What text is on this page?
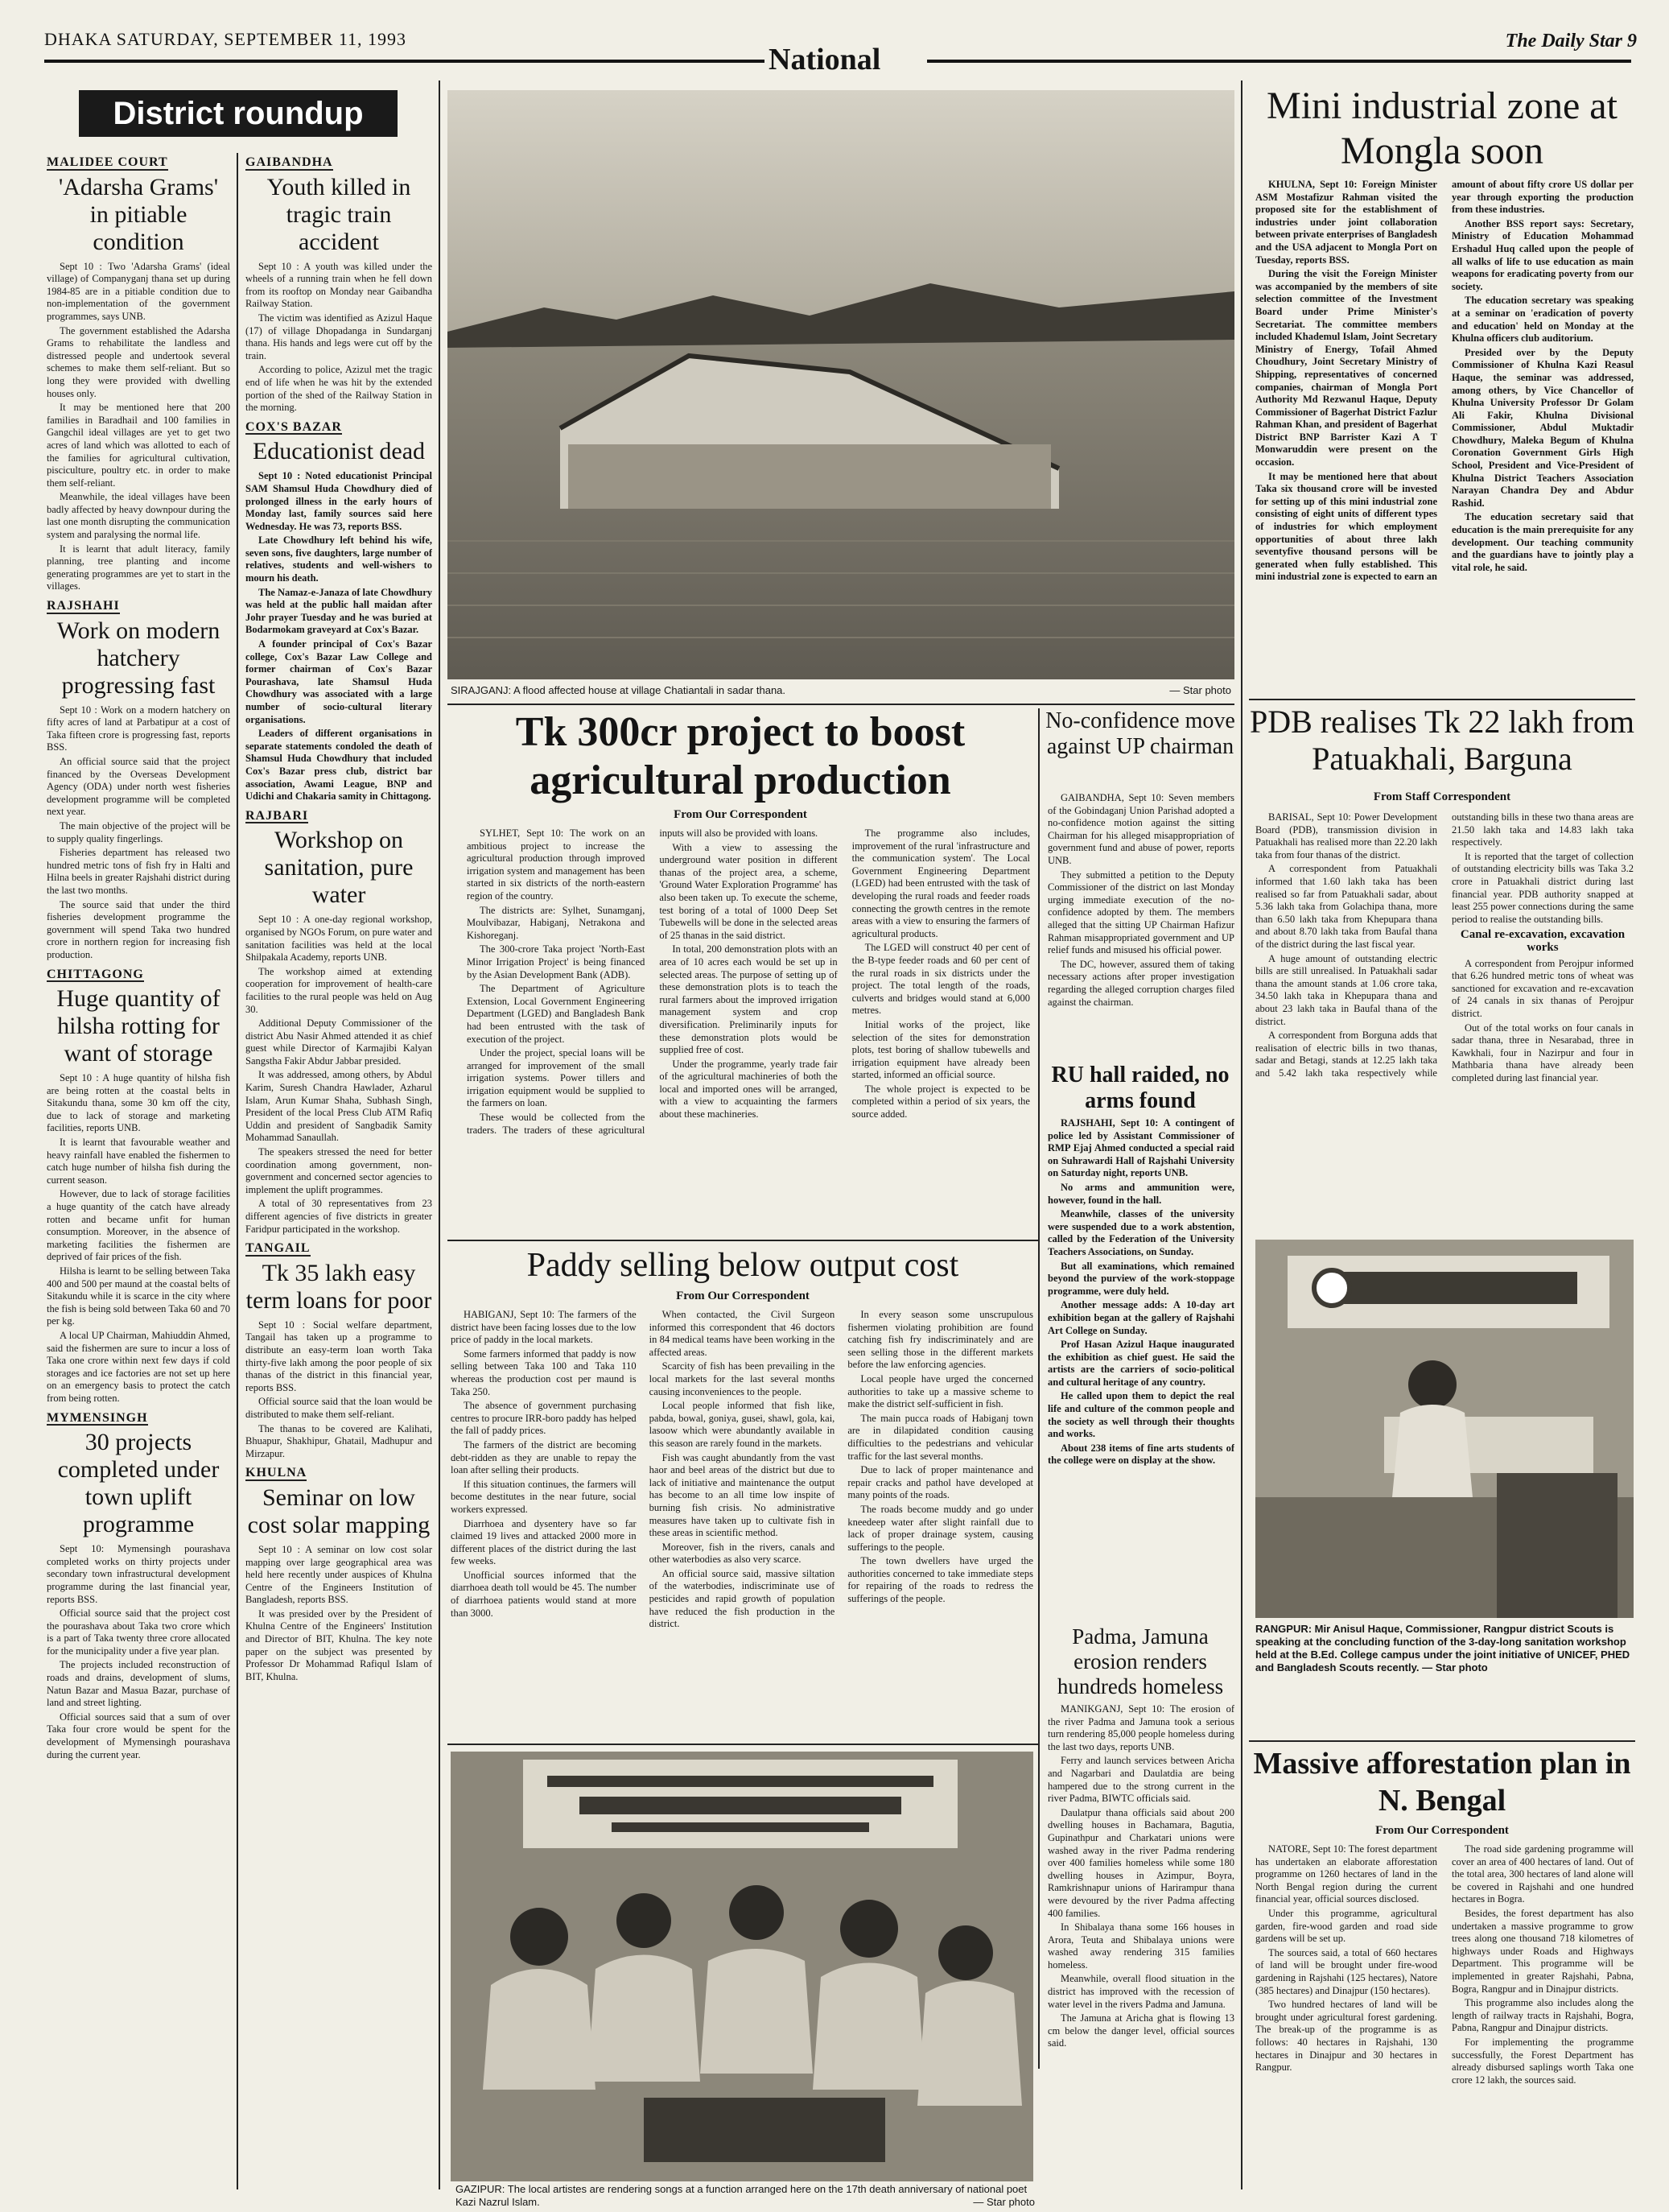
DHAKA SATURDAY, SEPTEMBER 11, 1993
National
The Daily Star 9
District roundup
MALIDEE COURT
'Adarsha Grams' in pitiable condition

Sept 10 : Two 'Adarsha Grams' (ideal village) of Companyganj thana set up during 1984-85 are in a pitiable condition due to non-implementation of the government programmes, says UNB.

The government established the Adarsha Grams to rehabilitate the landless and distressed people and undertook several schemes to make them self-reliant. But so long they were provided with dwelling houses only.

It may be mentioned here that 200 families in Baradhail and 100 families in Gangchil ideal villages are yet to get two acres of land which was allotted to each of the families for agricultural cultivation, pisciculture, poultry etc. in order to make them self-reliant.

Meanwhile, the ideal villages have been badly affected by heavy downpour during the last one month disrupting the communication system and paralysing the normal life.

It is learnt that adult literacy, family planning, tree planting and income generating programmes are yet to start in the villages.

RAJSHAHI
Work on modern hatchery progressing fast

Sept 10 : Work on a modern hatchery on fifty acres of land at Parbatipur at a cost of Taka fifteen crore is progressing fast, reports BSS.

An official source said that the project financed by the Overseas Development Agency (ODA) under north west fisheries development programme will be completed next year.

The main objective of the project will be to supply quality fingerlings.

Fisheries department has released two hundred metric tons of fish fry in Halti and Hilna beels in greater Rajshahi district during the last two months.

The source said that under the third fisheries development programme the government will spend Taka two hundred crore in northern region for increasing fish production.

CHITTAGONG
Huge quantity of hilsha rotting for want of storage

Sept 10 : A huge quantity of hilsha fish are being rotten at the coastal belts in Sitakundu thana, some 30 km off the city, due to lack of storage and marketing facilities, reports UNB.

It is learnt that favourable weather and heavy rainfall have enabled the fishermen to catch huge number of hilsha fish during the current season.

However, due to lack of storage facilities a huge quantity of the catch have already rotten and became unfit for human consumption. Moreover, in the absence of marketing facilities the fishermen are deprived of fair prices of the fish.

Hilsha is learnt to be selling between Taka 400 and 500 per maund at the coastal belts of Sitakundu while it is scarce in the city where the fish is being sold between Taka 60 and 70 per kg.

A local UP Chairman, Mahiuddin Ahmed, said the fishermen are sure to incur a loss of Taka one crore within next few days if cold storages and ice factories are not set up here on an emergency basis to protect the catch from being rotten.

MYMENSINGH
30 projects completed under town uplift programme

Sept 10: Mymensingh pourashava completed works on thirty projects under secondary town infrastructural development programme during the last financial year, reports BSS.

Official source said that the project cost the pourashava about Taka two crore which is a part of Taka twenty three crore allocated for the municipality under a five year plan.

The projects included reconstruction of roads and drains, development of slums, Natun Bazar and Masua Bazar, purchase of land and street lighting.

Official sources said that a sum of over Taka four crore would be spent for the development of Mymensingh pourashava during the current year.

GAIBANDHA
Youth killed in tragic train accident

Sept 10 : A youth was killed under the wheels of a running train when he fell down from its rooftop on Monday near Gaibandha Railway Station.

The victim was identified as Azizul Haque (17) of village Dhopadanga in Sundarganj thana. His hands and legs were cut off by the train.

According to police, Azizul met the tragic end of life when he was hit by the extended portion of the shed of the Railway Station in the morning.

COX'S BAZAR
Educationist dead

Sept 10 : Noted educationist Principal SAM Shamsul Huda Chowdhury died of prolonged illness in the early hours of Monday last, family sources said here Wednesday. He was 73, reports BSS.

Late Chowdhury left behind his wife, seven sons, five daughters, large number of relatives, students and well-wishers to mourn his death.

The Namaz-e-Janaza of late Chowdhury was held at the public hall maidan after Johr prayer Tuesday and he was buried at Bodarmokam graveyard at Cox's Bazar.

A founder principal of Cox's Bazar college, Cox's Bazar Law College and former chairman of Cox's Bazar Pourashava, late Shamsul Huda Chowdhury was associated with a large number of socio-cultural literary organisations.

Leaders of different organisations in separate statements condoled the death of Shamsul Huda Chowdhury that included Cox's Bazar press club, district bar association, Awami League, BNP and Udichi and Chakaria samity in Chittagong.

RAJBARI
Workshop on sanitation, pure water

Sept 10 : A one-day regional workshop, organised by NGOs Forum, on pure water and sanitation facilities was held at the local Shilpakala Academy, reports UNB.

The workshop aimed at extending cooperation for improvement of health-care facilities to the rural people was held on Aug 30.

Additional Deputy Commissioner of the district Abu Nasir Ahmed attended it as chief guest while Director of Karmajibi Kalyan Sangstha Fakir Abdur Jabbar presided.

It was addressed, among others, by Abdul Karim, Suresh Chandra Hawlader, Azharul Islam, Arun Kumar Shaha, Subhash Singh, President of the local Press Club ATM Rafiq Uddin and president of Sangbadik Samity Mohammad Sanaullah.

The speakers stressed the need for better coordination among government, non-government and concerned sector agencies to implement the uplift programmes.

A total of 30 representatives from 23 different agencies of five districts in greater Faridpur participated in the workshop.

TANGAIL
Tk 35 lakh easy term loans for poor

Sept 10 : Social welfare department, Tangail has taken up a programme to distribute an easy-term loan worth Taka thirty-five lakh among the poor people of six thanas of the district in this financial year, reports BSS.

Official source said that the loan would be distributed to make them self-reliant.

The thanas to be covered are Kalihati, Bhuapur, Shakhipur, Ghatail, Madhupur and Mirzapur.

KHULNA
Seminar on low cost solar mapping

Sept 10 : A seminar on low cost solar mapping over large geographical area was held here recently under auspices of Khulna Centre of the Engineers Institution of Bangladesh, reports BSS.

It was presided over by the President of Khulna Centre of the Engineers' Institution and Director of BIT, Khulna. The key note paper on the subject was presented by Professor Dr Mohammad Rafiqul Islam of BIT, Khulna.

SIRAJGANJ: A flood affected house at village Chatiantali in sadar thana.	— Star photo
Tk 300cr project to boost agricultural production
From Our Correspondent

SYLHET, Sept 10: The work on an ambitious project to increase the agricultural production through improved irrigation system and management has been started in six districts of the north-eastern region of the country.

The districts are: Sylhet, Sunamganj, Moulvibazar, Habiganj, Netrakona and Kishoreganj.

The 300-crore Taka project 'North-East Minor Irrigation Project' is being financed by the Asian Development Bank (ADB).

The Department of Agriculture Extension, Local Government Engineering Department (LGED) and Bangladesh Bank had been entrusted with the task of execution of the project.

Under the project, special loans will be arranged for improvement of the small irrigation systems. Power tillers and irrigation equipment would be supplied to the farmers on loan.

These would be collected from the traders. The traders of these agricultural inputs will also be provided with loans.

With a view to assessing the underground water position in different thanas of the project area, a scheme, 'Ground Water Exploration Programme' has also been taken up. To execute the scheme, test boring of a total of 1000 Deep Set Tubewells will be done in the selected areas of 25 thanas in the said district.

In total, 200 demonstration plots with an area of 10 acres each would be set up in selected areas. The purpose of setting up of these demonstration plots is to teach the rural farmers about the improved irrigation management system and crop diversification. Preliminarily inputs for these demonstration plots would be supplied free of cost.

Under the programme, yearly trade fair of the agricultural machineries of both the local and imported ones will be arranged, with a view to acquainting the farmers about these machineries.

The programme also includes, improvement of the rural 'infrastructure and the communication system'. The Local Government Engineering Department (LGED) had been entrusted with the task of developing the rural roads and feeder roads connecting the growth centres in the remote areas with a view to ensuring the farmers of agricultural products.

The LGED will construct 40 per cent of the B-type feeder roads and 60 per cent of the rural roads in six districts under the project. The total length of the roads, culverts and bridges would stand at 6,000 metres.

Initial works of the project, like selection of the sites for demonstration plots, test boring of shallow tubewells and irrigation equipment have already been started, informed an official source.

The whole project is expected to be completed within a period of six years, the source added.

Paddy selling below output cost
From Our Correspondent

HABIGANJ, Sept 10: The farmers of the district have been facing losses due to the low price of paddy in the local markets.

Some farmers informed that paddy is now selling between Taka 100 and Taka 110 whereas the production cost per maund is Taka 250.

The absence of government purchasing centres to procure IRR-boro paddy has helped the fall of paddy prices.

The farmers of the district are becoming debt-ridden as they are unable to repay the loan after selling their products.

If this situation continues, the farmers will become destitutes in the near future, social workers expressed.

Diarrhoea and dysentery have so far claimed 19 lives and attacked 2000 more in different places of the district during the last few weeks.

Unofficial sources informed that the diarrhoea death toll would be 45. The number of diarrhoea patients would stand at more than 3000.

When contacted, the Civil Surgeon informed this correspondent that 46 doctors in 84 medical teams have been working in the affected areas.

Scarcity of fish has been prevailing in the local markets for the last several months causing inconveniences to the people.

Local people informed that fish like, pabda, bowal, goniya, gusei, shawl, gola, kai, lasoow which were abundantly available in this season are rarely found in the markets.

Fish was caught abundantly from the vast haor and beel areas of the district but due to lack of initiative and maintenance the output has become to an all time low inspite of burning fish crisis. No administrative measures have taken up to cultivate fish in these areas in scientific method.

Moreover, fish in the rivers, canals and other waterbodies as also very scarce.

An official source said, massive siltation of the waterbodies, indiscriminate use of pesticides and rapid growth of population have reduced the fish production in the district.

In every season some unscrupulous fishermen violating prohibition are found catching fish fry indiscriminately and are seen selling those in the different markets before the law enforcing agencies.

Local people have urged the concerned authorities to take up a massive scheme to make the district self-sufficient in fish.

The main pucca roads of Habiganj town are in dilapidated condition causing difficulties to the pedestrians and vehicular traffic for the last several months.

Due to lack of proper maintenance and repair cracks and pathol have developed at many points of the roads.

The roads become muddy and go under kneedeep water after slight rainfall due to lack of proper drainage system, causing sufferings to the people.

The town dwellers have urged the authorities concerned to take immediate steps for repairing of the roads to redress the sufferings of the people.

GAZIPUR: The local artistes are rendering songs at a function arranged here on the 17th death anniversary of national poet Kazi Nazrul Islam.	— Star photo
No-confidence move against UP chairman

GAIBANDHA, Sept 10: Seven members of the Gobindaganj Union Parishad adopted a no-confidence motion against the sitting Chairman for his alleged misappropriation of government fund and abuse of power, reports UNB.

They submitted a petition to the Deputy Commissioner of the district on last Monday urging immediate execution of the no-confidence adopted by them. The members alleged that the sitting UP Chairman Hafizur Rahman misappropriated government and UP relief funds and misused his official power.

The DC, however, assured them of taking necessary actions after proper investigation regarding the alleged corruption charges filed against the chairman.

RU hall raided, no arms found

RAJSHAHI, Sept 10: A contingent of police led by Assistant Commissioner of RMP Ejaj Ahmed conducted a special raid on Suhrawardi Hall of Rajshahi University on Saturday night, reports UNB.

No arms and ammunition were, however, found in the hall.

Meanwhile, classes of the university were suspended due to a work abstention, called by the Federation of the University Teachers Associations, on Sunday.

But all examinations, which remained beyond the purview of the work-stoppage programme, were duly held.

Another message adds: A 10-day art exhibition began at the gallery of Rajshahi Art College on Sunday.

Prof Hasan Azizul Haque inaugurated the exhibition as chief guest. He said the artists are the carriers of socio-political and cultural heritage of any country.

He called upon them to depict the real life and culture of the common people and the society as well through their thoughts and works.

About 238 items of fine arts students of the college were on display at the show.

Padma, Jamuna erosion renders hundreds homeless

MANIKGANJ, Sept 10: The erosion of the river Padma and Jamuna took a serious turn rendering 85,000 people homeless during the last two days, reports UNB.

Ferry and launch services between Aricha and Nagarbari and Daulatdia are being hampered due to the strong current in the river Padma, BIWTC officials said.

Daulatpur thana officials said about 200 dwelling houses in Bachamara, Bagutia, Gupinathpur and Charkatari unions were washed away in the river Padma rendering over 400 families homeless while some 180 dwelling houses in Azimpur, Boyra, Ramkrishnapur unions of Harirampur thana were devoured by the river Padma affecting 400 families.

In Shibalaya thana some 166 houses in Arora, Teuta and Shibalaya unions were washed away rendering 315 families homeless.

Meanwhile, overall flood situation in the district has improved with the recession of water level in the rivers Padma and Jamuna.

The Jamuna at Aricha ghat is flowing 13 cm below the danger level, official sources said.

Mini industrial zone at Mongla soon

KHULNA, Sept 10: Foreign Minister ASM Mostafizur Rahman visited the proposed site for the establishment of industries under joint collaboration between private enterprises of Bangladesh and the USA adjacent to Mongla Port on Tuesday, reports BSS.

During the visit the Foreign Minister was accompanied by the members of site selection committee of the Investment Board under Prime Minister's Secretariat. The committee members included Khademul Islam, Joint Secretary Ministry of Energy, Tofail Ahmed Choudhury, Joint Secretary Ministry of Shipping, representatives of concerned companies, chairman of Mongla Port Authority Md Rezwanul Haque, Deputy Commissioner of Bagerhat District Fazlur Rahman Khan, and president of Bagerhat District BNP Barrister Kazi A T Monwaruddin were present on the occasion.

It may be mentioned here that about Taka six thousand crore will be invested for setting up of this mini industrial zone consisting of eight units of different types of industries for which employment opportunities of about three lakh seventyfive thousand persons will be generated when fully established. This mini industrial zone is expected to earn an amount of about fifty crore US dollar per year through exporting the production from these industries.

Another BSS report says: Secretary, Ministry of Education Mohammad Ershadul Huq called upon the people of all walks of life to use education as main weapons for eradicating poverty from our society.

The education secretary was speaking at a seminar on 'eradication of poverty and education' held on Monday at the Khulna officers club auditorium.

Presided over by the Deputy Commissioner of Khulna Kazi Reasul Haque, the seminar was addressed, among others, by Vice Chancellor of Khulna University Professor Dr Golam Ali Fakir, Khulna Divisional Commissioner, Abdul Muktadir Chowdhury, Maleka Begum of Khulna Coronation Government Girls High School, President and Vice-President of Khulna District Teachers Association Narayan Chandra Dey and Abdur Rashid.

The education secretary said that education is the main prerequisite for any development. Our teaching community and the guardians have to jointly play a vital role, he said.

PDB realises Tk 22 lakh from Patuakhali, Barguna
From Staff Correspondent

BARISAL, Sept 10: Power Development Board (PDB), transmission division in Patuakhali has realised more than 22.20 lakh taka from four thanas of the district.

A correspondent from Patuakhali informed that 1.60 lakh taka has been realised so far from Patuakhali sadar, about 5.36 lakh taka from Golachipa thana, more than 6.50 lakh taka from Khepupara thana and about 8.70 lakh taka from Baufal thana of the district during the last fiscal year.

A huge amount of outstanding electric bills are still unrealised. In Patuakhali sadar thana the amount stands at 1.06 crore taka, 34.50 lakh taka in Khepupara thana and about 23 lakh taka in Baufal thana of the district.

A correspondent from Borguna adds that realisation of electric bills in two thanas, sadar and Betagi, stands at 12.25 lakh taka and 5.42 lakh taka respectively while outstanding bills in these two thana areas are 21.50 lakh taka and 14.83 lakh taka respectively.

It is reported that the target of collection of outstanding electricity bills was Taka 3.2 crore in Patuakhali district during last financial year. PDB authority snapped at least 255 power connections during the same period to realise the outstanding bills.

Canal re-excavation, excavation works

A correspondent from Perojpur informed that 6.26 hundred metric tons of wheat was sanctioned for excavation and re-excavation of 24 canals in six thanas of Perojpur district.

Out of the total works on four canals in sadar thana, three in Nesarabad, three in Kawkhali, four in Nazirpur and four in Mathbaria thana have already been completed during last financial year.

RANGPUR: Mir Anisul Haque, Commissioner, Rangpur district Scouts is speaking at the concluding function of the 3-day-long sanitation workshop held at the B.Ed. College campus under the joint initiative of UNICEF, PHED and Bangladesh Scouts recently. — Star photo
Massive afforestation plan in N. Bengal
From Our Correspondent

NATORE, Sept 10: The forest department has undertaken an elaborate afforestation programme on 1260 hectares of land in the North Bengal region during the current financial year, official sources disclosed.

Under this programme, agricultural garden, fire-wood garden and road side gardens will be set up.

The sources said, a total of 660 hectares of land will be brought under fire-wood gardening in Rajshahi (125 hectares), Natore (385 hectares) and Dinajpur (150 hectares).

Two hundred hectares of land will be brought under agricultural forest gardening. The break-up of the programme is as follows: 40 hectares in Rajshahi, 130 hectares in Dinajpur and 30 hectares in Rangpur.

The road side gardening programme will cover an area of 400 hectares of land. Out of the total area, 300 hectares of land alone will be covered in Rajshahi and one hundred hectares in Bogra.

Besides, the forest department has also undertaken a massive programme to grow trees along one thousand 718 kilometres of highways under Roads and Highways Department. This programme will be implemented in greater Rajshahi, Pabna, Bogra, Rangpur and in Dinajpur districts.

This programme also includes along the length of railway tracts in Rajshahi, Bogra, Pabna, Rangpur and Dinajpur districts.

For implementing the programme successfully, the Forest Department has already disbursed saplings worth Taka one crore 12 lakh, the sources said.
